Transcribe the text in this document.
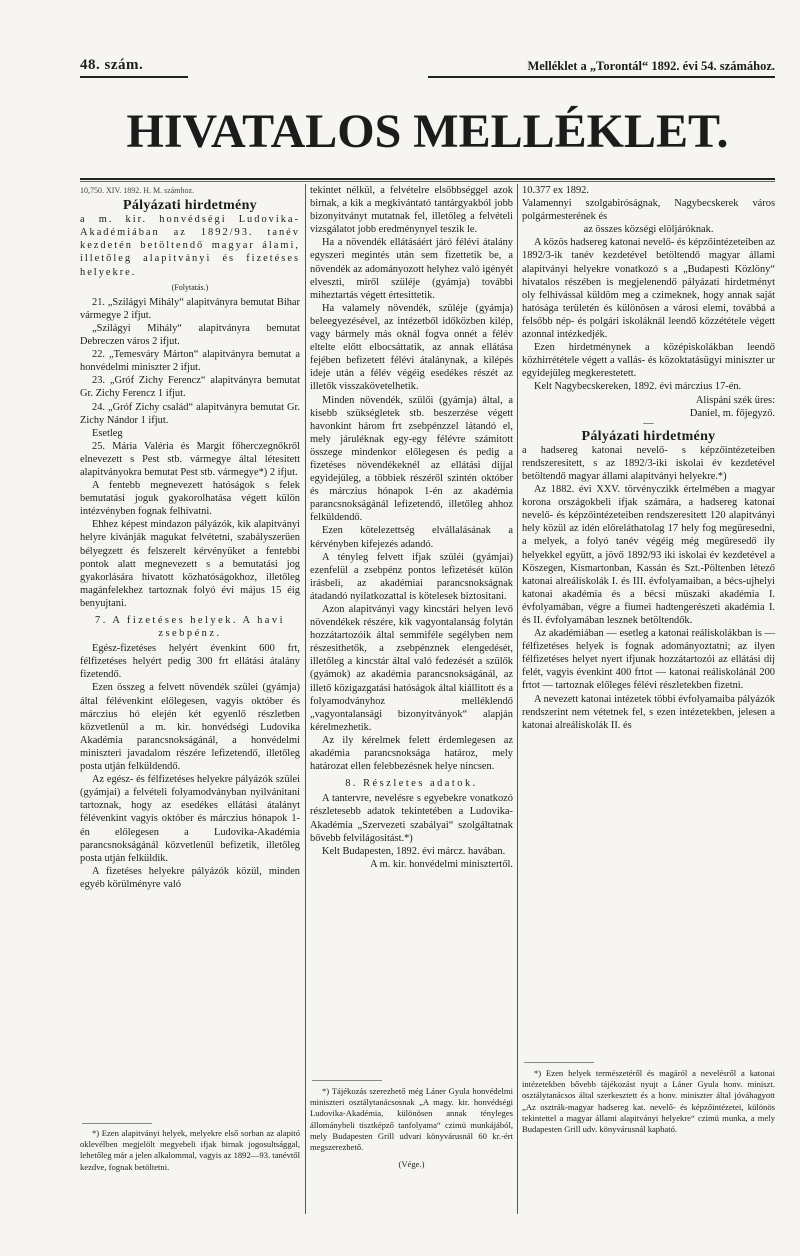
48. szám.	Melléklet a „Torontál“ 1892. évi 54. számához.
HIVATALOS MELLÉKLET.

10,750. XIV. 1892. H. M. számhoz.

Pályázati hirdetmény

a m. kir. honvédségi Ludovika-Akadémiában az 1892/93. tanév kezdetén betöltendő magyar álami, illetőleg alapitványi és fizetéses helyekre.

(Folytatás.)

21. „Szilágyi Mihály“ alapitványra bemutat Bihar vármegye 2 ifjut.

„Szilágyi Mihály“ alapitványra bemutat Debreczen város 2 ifjut.

22. „Temesváry Márton“ alapitványra bemutat a honvédelmi miniszter 2 ifjut.

23. „Gróf Zichy Ferencz“ alapitványra bemutat Gr. Zichy Ferencz 1 ifjut.

24. „Gróf Zichy család“ alapitványra bemutat Gr. Zichy Nándor 1 ifjut.

Esetleg

25. Mária Valéria és Margit főherczegnőkről elnevezett s Pest stb. vármegye által létesitett alapitványokra bemutat Pest stb. vármegye*) 2 ifjut.

A fentebb megnevezett hatóságok s felek bemutatási joguk gyakorolhatása végett külön intézvényben fognak felhivatni.

Ehhez képest mindazon pályázók, kik alapitványi helyre kivánják magukat felvétetni, szabályszerüen bélyegzett és felszerelt kérvényüket a fentebbi pontok alatt megnevezett s a bemutatási jog gyakorlására hivatott közhatóságokhoz, illetőleg magánfelekhez tartoznak folyó évi május 15 éig benyujtani.

7. A fizetéses helyek. A havi zsebpénz.

Egész-fizetéses helyért évenkint 600 frt, félfizetéses helyért pedig 300 frt ellátási átalány fizetendő.

Ezen összeg a felvett növendék szülei (gyámja) által félévenkint előlegesen, vagyis október és márczius hó elején két egyenlő részletben közvetlenül a m. kir. honvédségi Ludovika Akadémia parancsnokságánál, a honvédelmi miniszteri javadalom részére lefizetendő, illetőleg posta utján felküldendő.

Az egész- és félfizetéses helyekre pályázók szülei (gyámjai) a felvételi folyamodványban nyilvánitani tartoznak, hogy az esedékes ellátási átalányt félévenkint vagyis október és márczius hónapok 1-én előlegesen a Ludovika-Akadémia parancsnokságánál közvetlenül befizetik, illetőleg posta utján felküldik.

A fizetéses helyekre pályázók közül, minden egyéb körülményre való

tekintet nélkül, a felvételre elsőbbséggel azok birnak, a kik a megkivántató tantárgyakból jobb bizonyitványt mutatnak fel, illetőleg a felvételi vizsgálatot jobb eredménynyel teszik le.

Ha a növendék ellátásáért járó félévi átalány egyszeri megintés után sem fizettetik be, a növendék az adományozott helyhez való igényét elveszti, miről szüléje (gyámja) további miheztartás végett értesittetik.

Ha valamely növendék, szüléje (gyámja) beleegyezésével, az intézetből időközben kilép, vagy bármely más oknál fogva onnét a félév eltelte előtt elbocsáttatik, az annak ellátása fejében befizetett félévi átalánynak, a kilépés ideje után a félév végéig esedékes részét az illetők visszakövetelhetik.

Minden növendék, szülői (gyámja) által, a kisebb szükségletek stb. beszerzése végett havonkint három frt zsebpénzzel látandó el, mely járuléknak egy-egy félévre számitott összege mindenkor előlegesen és pedig a fizetéses növendékeknél az ellátási dijjal egyidejüleg, a többiek részéről szintén október és márczius hónapok 1-én az akadémia parancsnokságánál lefizetendő, illetőleg ahhoz felküldendő.

Ezen kötelezettség elvállalásának a kérvényben kifejezés adandó.

A tényleg felvett ifjak szüléi (gyámjai) ezenfelül a zsebpénz pontos lefizetését külön irásbeli, az akadémiai parancsnokságnak átadandó nyilatkozattal is kötelesek biztositani.

Azon alapitványi vagy kincstári helyen levő növendékek részére, kik vagyontalanság folytán hozzátartozóik által semmiféle segélyben nem részesithetők, a zsebpénznek elengedését, illetőleg a kincstár által való fedezését a szülők (gyámok) az akadémia parancsnokságánál, az illető közigazgatási hatóságok által kiállitott és a folyamodványhoz melléklendő „vagyontalansági bizonyitványok“ alapján kérelmezhetik.

Az ily kérelmek felett érdemlegesen az akadémia parancsnoksága határoz, mely határozat ellen felebbezésnek helye nincsen.

8. Részletes adatok.

A tantervre, nevelésre s egyebekre vonatkozó részletesebb adatok tekintetében a Ludovika-Akadémia „Szervezeti szabályai“ szolgáltatnak bővebb felvilágositást.*)

Kelt Budapesten, 1892. évi márcz. havában.

A m. kir. honvédelmi minisztertől.

10.377 ex 1892.

Valamennyi szolgabiróságnak, Nagybecskerek város polgármesterének és

az összes községi elöljáróknak.

A közös hadsereg katonai nevelő- és képzőintézeteiben az 1892/3-ik tanév kezdetével betöltendő magyar állami alapitványi helyekre vonatkozó s a „Budapesti Közlöny“ hivatalos részében is megjelenendő pályázati hirdetményt oly felhivással küldöm meg a czimeknek, hogy annak saját hatósága területén és különösen a városi elemi, továbbá a felsőbb nép- és polgári iskoláknál leendő közzététele végett azonnal intézkedjék.

Ezen hirdetménynek a középiskolákban leendő közhirrététele végett a vallás- és közoktatásügyi miniszter ur egyidejüleg megkerestetett.

Kelt Nagybecskereken, 1892. évi márczius 17-én.

Alispáni szék üres:

Daniel, m. főjegyző.

—

Pályázati hirdetmény

a hadsereg katonai nevelő- s képzőintézeteiben rendszeresitett, s az 1892/3-iki iskolai év kezdetével betöltendő magyar állami alapitványi helyekre.*)

Az 1882. évi XXV. törvényczikk értelmében a magyar korona országokbeli ifjak számára, a hadsereg katonai nevelő- és képzőintézeteiben rendszeresitett 120 alapitványi hely közül az idén előreláthatolag 17 hely fog megüresedni, a melyek, a folyó tanév végéig még megüresedő ily helyekkel együtt, a jövő 1892/93 iki iskolai év kezdetével a Köszegen, Kismartonban, Kassán és Szt.-Pöltenben létező katonai alreáliskolák I. és III. évfolyamaiban, a bécs-ujhelyi katonai akadémia és a bécsi müszaki akadémia I. évfolyamában, végre a fiumei hadtengerészeti akadémia I. és II. évfolyamában lesznek betöltendők.

Az akadémiában — esetleg a katonai reáliskolákban is — félfizetéses helyek is fognak adományoztatni; az ilyen félfizetéses helyet nyert ifjunak hozzátartozói az ellátási dij felét, vagyis évenkint 400 frtot — katonai reáliskolánál 200 frtot — tartoznak előleges félévi részletekben fizetni.

A nevezett katonai intézetek többi évfolyamaiba pályázók rendszerint nem vétetnek fel, s ezen intézetekben, jelesen a katonai alreáliskolák II. és

*) Ezen alapitványi helyek, melyekre első sorban az alapitó oklevélben megjelölt megyebeli ifjak birnak jogosultsággal, lehetőleg már a jelen alkalommal, vagyis az 1892—93. tanévtől kezdve, fognak betöltetni.

*) Tájékozás szerezhető még Láner Gyula honvédelmi miniszteri osztálytanácsosnak „A magy. kir. honvédségi Ludovika-Akadémia, különösen annak tényleges állománybeli tisztképző tanfolyama“ czimü munkájából, mely Budapesten Grill udvari könyvárusnál 60 kr.-ért megszerezhető.

(Vége.)

*) Ezen helyek természetéről és magáról a nevelésről a katonai intézetekben bővebb tájékozást nyujt a Láner Gyula honv. miniszt. osztálytanácsos által szerkesztett és a honv. miniszter által jóváhagyott „Az osztrák-magyar hadsereg kat. nevelő- és képzőintézetei, különös tekintettel a magyar állami alapitványi helyekre“ czimü munka, a mely Budapesten Grill udv. könyvárusnál kapható.
